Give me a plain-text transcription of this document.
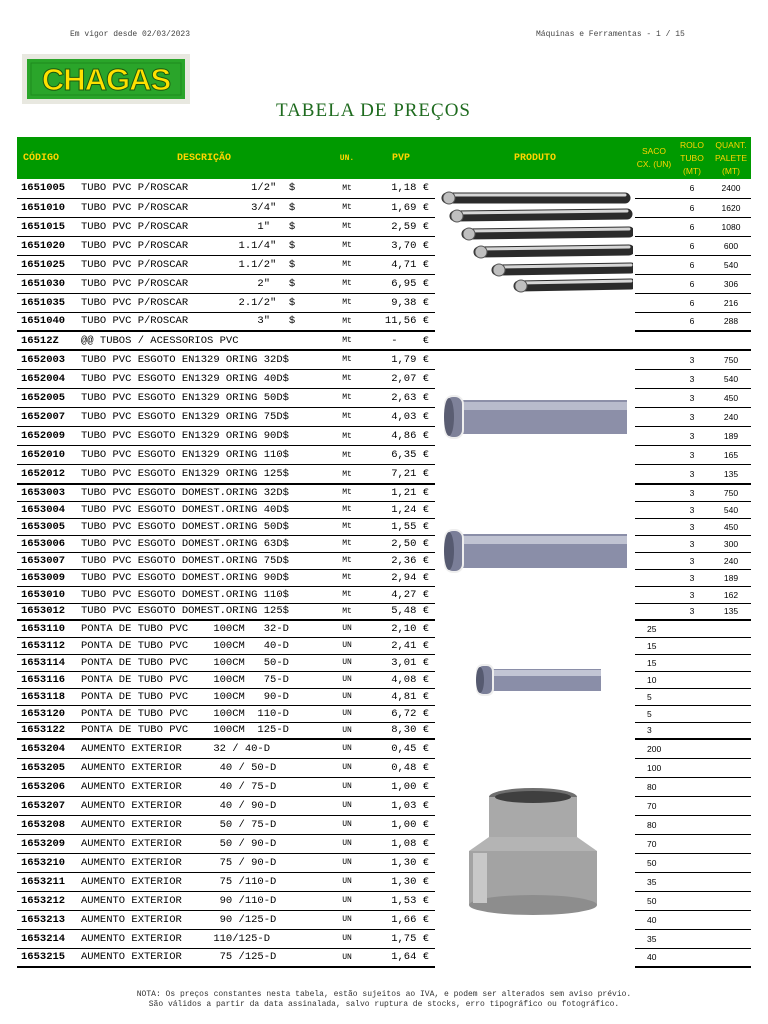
Em vigor desde 02/03/2023	Máquinas e Ferramentas - 1 / 15
CHAGAS
TABELA DE PREÇOS
CÓDIGO	DESCRIÇÃO	UN.	PVP	PRODUTO	SACO CX. (UN)	ROLO TUBO (MT)	QUANT. PALETE (MT)

1651005	TUBO PVC P/ROSCAR          1/2"  $	Mt	1,18 €			6	2400
1651010	TUBO PVC P/ROSCAR          3/4"  $	Mt	1,69 €			6	1620
1651015	TUBO PVC P/ROSCAR           1"   $	Mt	2,59 €			6	1080
1651020	TUBO PVC P/ROSCAR        1.1/4"  $	Mt	3,70 €			6	600
1651025	TUBO PVC P/ROSCAR        1.1/2"  $	Mt	4,71 €			6	540
1651030	TUBO PVC P/ROSCAR           2"   $	Mt	6,95 €			6	306
1651035	TUBO PVC P/ROSCAR        2.1/2"  $	Mt	9,38 €			6	216
1651040	TUBO PVC P/ROSCAR           3"   $	Mt	11,56 €			6	288
16512Z	@@ TUBOS / ACESSORIOS PVC	Mt	-    €				
1652003	TUBO PVC ESGOTO EN1329 ORING 32D$	Mt	1,79 €			3	750
1652004	TUBO PVC ESGOTO EN1329 ORING 40D$	Mt	2,07 €			3	540
1652005	TUBO PVC ESGOTO EN1329 ORING 50D$	Mt	2,63 €			3	450
1652007	TUBO PVC ESGOTO EN1329 ORING 75D$	Mt	4,03 €			3	240
1652009	TUBO PVC ESGOTO EN1329 ORING 90D$	Mt	4,86 €			3	189
1652010	TUBO PVC ESGOTO EN1329 ORING 110$	Mt	6,35 €			3	165
1652012	TUBO PVC ESGOTO EN1329 ORING 125$	Mt	7,21 €			3	135
1653003	TUBO PVC ESGOTO DOMEST.ORING 32D$	Mt	1,21 €			3	750
1653004	TUBO PVC ESGOTO DOMEST.ORING 40D$	Mt	1,24 €			3	540
1653005	TUBO PVC ESGOTO DOMEST.ORING 50D$	Mt	1,55 €			3	450
1653006	TUBO PVC ESGOTO DOMEST.ORING 63D$	Mt	2,50 €			3	300
1653007	TUBO PVC ESGOTO DOMEST.ORING 75D$	Mt	2,36 €			3	240
1653009	TUBO PVC ESGOTO DOMEST.ORING 90D$	Mt	2,94 €			3	189
1653010	TUBO PVC ESGOTO DOMEST.ORING 110$	Mt	4,27 €			3	162
1653012	TUBO PVC ESGOTO DOMEST.ORING 125$	Mt	5,48 €			3	135
1653110	PONTA DE TUBO PVC    100CM   32-D	UN	2,10 €		25		
1653112	PONTA DE TUBO PVC    100CM   40-D	UN	2,41 €		15		
1653114	PONTA DE TUBO PVC    100CM   50-D	UN	3,01 €		15		
1653116	PONTA DE TUBO PVC    100CM   75-D	UN	4,08 €		10		
1653118	PONTA DE TUBO PVC    100CM   90-D	UN	4,81 €		5		
1653120	PONTA DE TUBO PVC    100CM  110-D	UN	6,72 €		5		
1653122	PONTA DE TUBO PVC    100CM  125-D	UN	8,30 €		3		
1653204	AUMENTO EXTERIOR     32 / 40-D	UN	0,45 €		200		
1653205	AUMENTO EXTERIOR      40 / 50-D	UN	0,48 €		100		
1653206	AUMENTO EXTERIOR      40 / 75-D	UN	1,00 €		80		
1653207	AUMENTO EXTERIOR      40 / 90-D	UN	1,03 €		70		
1653208	AUMENTO EXTERIOR      50 / 75-D	UN	1,00 €		80		
1653209	AUMENTO EXTERIOR      50 / 90-D	UN	1,08 €		70		
1653210	AUMENTO EXTERIOR      75 / 90-D	UN	1,30 €		50		
1653211	AUMENTO EXTERIOR      75 /110-D	UN	1,30 €		35		
1653212	AUMENTO EXTERIOR      90 /110-D	UN	1,53 €		50		
1653213	AUMENTO EXTERIOR      90 /125-D	UN	1,66 €		40		
1653214	AUMENTO EXTERIOR     110/125-D	UN	1,75 €		35		
1653215	AUMENTO EXTERIOR      75 /125-D	UN	1,64 €		40		
NOTA: Os preços constantes nesta tabela, estão sujeitos ao IVA, e podem ser alterados sem aviso prévio.
São válidos a partir da data assinalada, salvo ruptura de stocks, erro tipográfico ou fotográfico.
